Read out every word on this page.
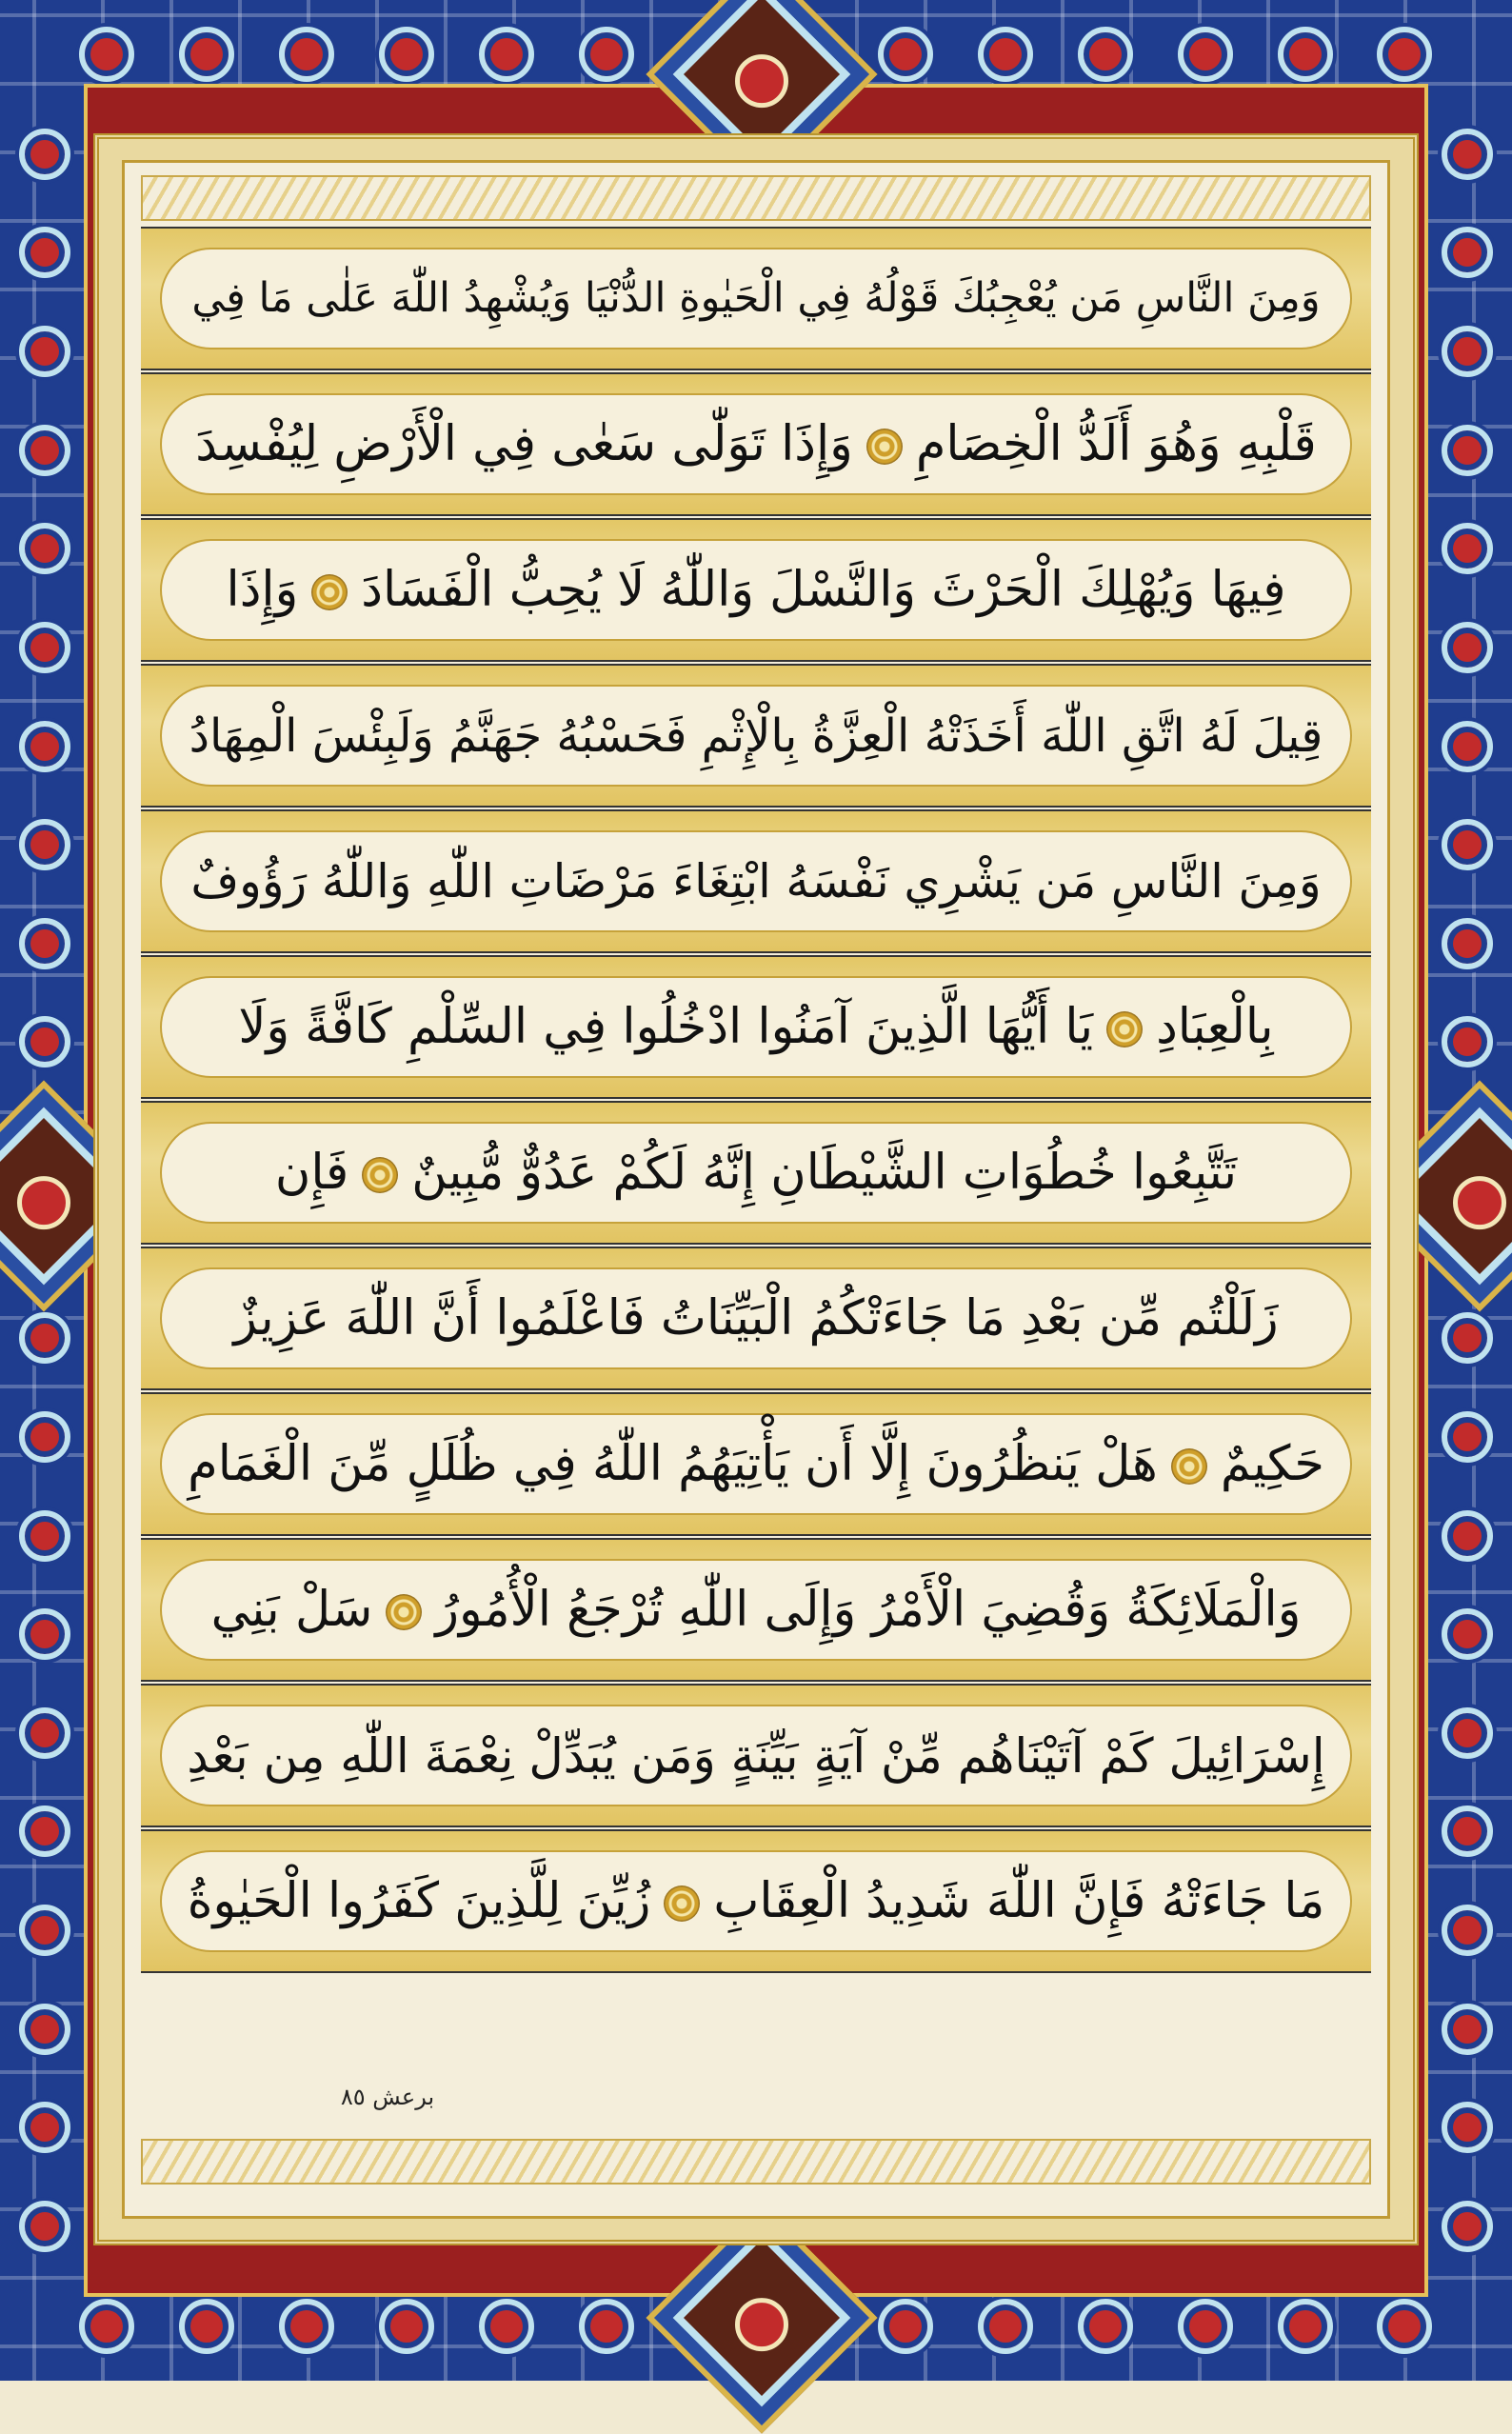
وَمِنَ النَّاسِ مَن يُعْجِبُكَ قَوْلُهُ فِي الْحَيٰوةِ الدُّنْيَا وَيُشْهِدُ اللّٰهَ عَلٰى مَا فِي
قَلْبِهِ وَهُوَ أَلَدُّ الْخِصَامِوَإِذَا تَوَلّٰى سَعٰى فِي الْأَرْضِ لِيُفْسِدَ
فِيهَا وَيُهْلِكَ الْحَرْثَ وَالنَّسْلَ وَاللّٰهُ لَا يُحِبُّ الْفَسَادَوَإِذَا
قِيلَ لَهُ اتَّقِ اللّٰهَ أَخَذَتْهُ الْعِزَّةُ بِالْإِثْمِ فَحَسْبُهُ جَهَنَّمُ وَلَبِئْسَ الْمِهَادُ
وَمِنَ النَّاسِ مَن يَشْرِي نَفْسَهُ ابْتِغَاءَ مَرْضَاتِ اللّٰهِ وَاللّٰهُ رَؤُوفٌ
بِالْعِبَادِيَا أَيُّهَا الَّذِينَ آمَنُوا ادْخُلُوا فِي السِّلْمِ كَافَّةً وَلَا
تَتَّبِعُوا خُطُوَاتِ الشَّيْطَانِ إِنَّهُ لَكُمْ عَدُوٌّ مُّبِينٌفَإِن
زَلَلْتُم مِّن بَعْدِ مَا جَاءَتْكُمُ الْبَيِّنَاتُ فَاعْلَمُوا أَنَّ اللّٰهَ عَزِيزٌ
حَكِيمٌهَلْ يَنظُرُونَ إِلَّا أَن يَأْتِيَهُمُ اللّٰهُ فِي ظُلَلٍ مِّنَ الْغَمَامِ
وَالْمَلَائِكَةُ وَقُضِيَ الْأَمْرُ وَإِلَى اللّٰهِ تُرْجَعُ الْأُمُورُسَلْ بَنِي
إِسْرَائِيلَ كَمْ آتَيْنَاهُم مِّنْ آيَةٍ بَيِّنَةٍ وَمَن يُبَدِّلْ نِعْمَةَ اللّٰهِ مِن بَعْدِ
مَا جَاءَتْهُ فَإِنَّ اللّٰهَ شَدِيدُ الْعِقَابِزُيِّنَ لِلَّذِينَ كَفَرُوا الْحَيٰوةُ
برعش ٨٥
